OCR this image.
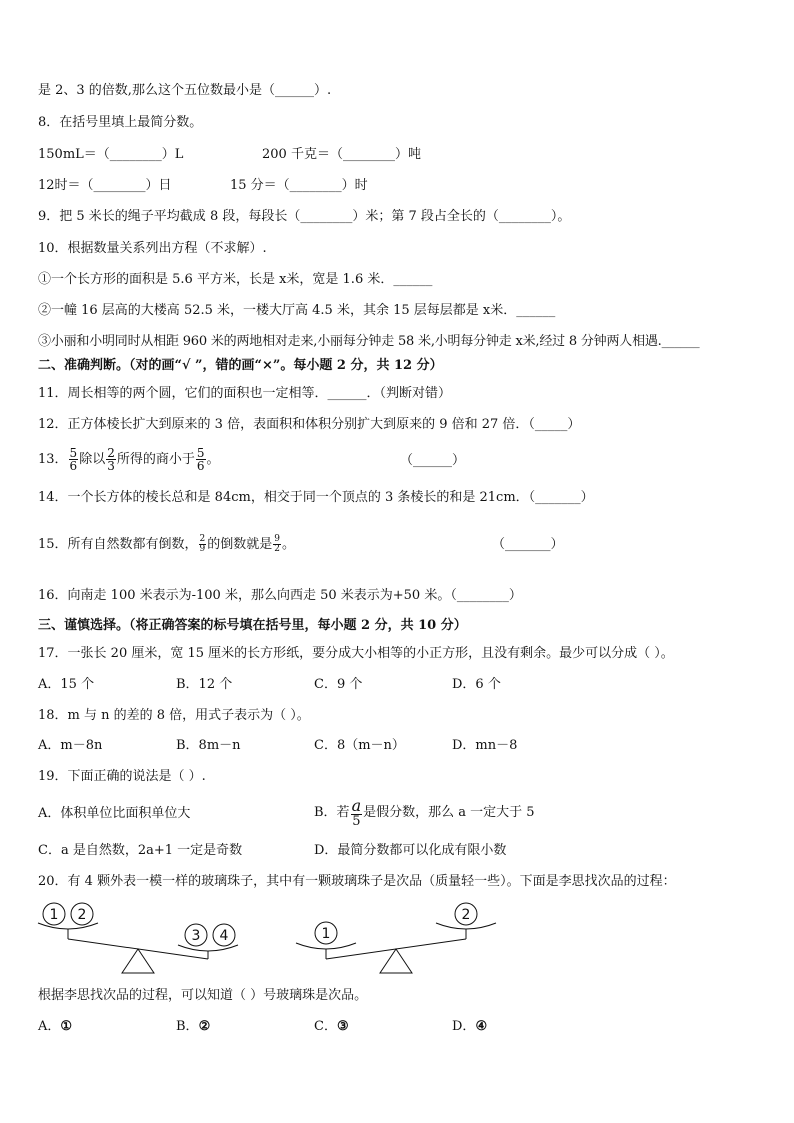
是 2、3 的倍数,那么这个五位数最小是（______）.
8．在括号里填上最简分数。
150mL＝（________）L	200 千克＝（________）吨
12时＝（________）日	15 分＝（________）时
9．把 5 米长的绳子平均截成 8 段，每段长（________）米；第 7 段占全长的（________）。
10．根据数量关系列出方程（不求解）.
①一个长方形的面积是 5.6 平方米，长是 x米，宽是 1.6 米．______
②一幢 16 层高的大楼高 52.5 米，一楼大厅高 4.5 米，其余 15 层每层都是 x米．______
③小丽和小明同时从相距 960 米的两地相对走来,小丽每分钟走 58 米,小明每分钟走 x米,经过 8 分钟两人相遇.______
二、准确判断。（对的画“√ ”，错的画“×”。每小题 2 分，共 12 分）
11．周长相等的两个圆，它们的面积也一定相等．______．（判断对错）
12．正方体棱长扩大到原来的 3 倍，表面积和体积分别扩大到原来的 9 倍和 27 倍．（_____）
13． $\frac{5}{6}$ 除以 $\frac{2}{3}$ 所得的商小于 $\frac{5}{6}$ 。	（______）
14．一个长方体的棱长总和是 84cm，相交于同一个顶点的 3 条棱长的和是 21cm．（_______）
15．所有自然数都有倒数， $\frac{2}{9}$ 的倒数就是 $\frac{9}{2}$ 。	（_______）
16．向南走 100 米表示为-100 米，那么向西走 50 米表示为+50 米。（________）
三、谨慎选择。（将正确答案的标号填在括号里，每小题 2 分，共 10 分）
17．一张长 20 厘米，宽 15 厘米的长方形纸，要分成大小相等的小正方形，且没有剩余。最少可以分成（ ）。
A．15 个	B．12 个	C．9 个	D．6 个
18．m 与 n 的差的 8 倍，用式子表示为（ ）。
A．m－8n	B．8m－n	C．8（m－n）	D．mn－8
19．下面正确的说法是（ ）.
A．体积单位比面积单位大	B．若 $\frac{a}{5}$ 是假分数，那么 a 一定大于 5
C．a 是自然数，2a+1 一定是奇数	D．最简分数都可以化成有限小数
20．有 4 颗外表一模一样的玻璃珠子，其中有一颗玻璃珠子是次品（质量轻一些）。下面是李思找次品的过程：
1 2
3 4	1
2
根据李思找次品的过程，可以知道（ ）号玻璃珠是次品。
A．①	B．②	C．③	D．④
